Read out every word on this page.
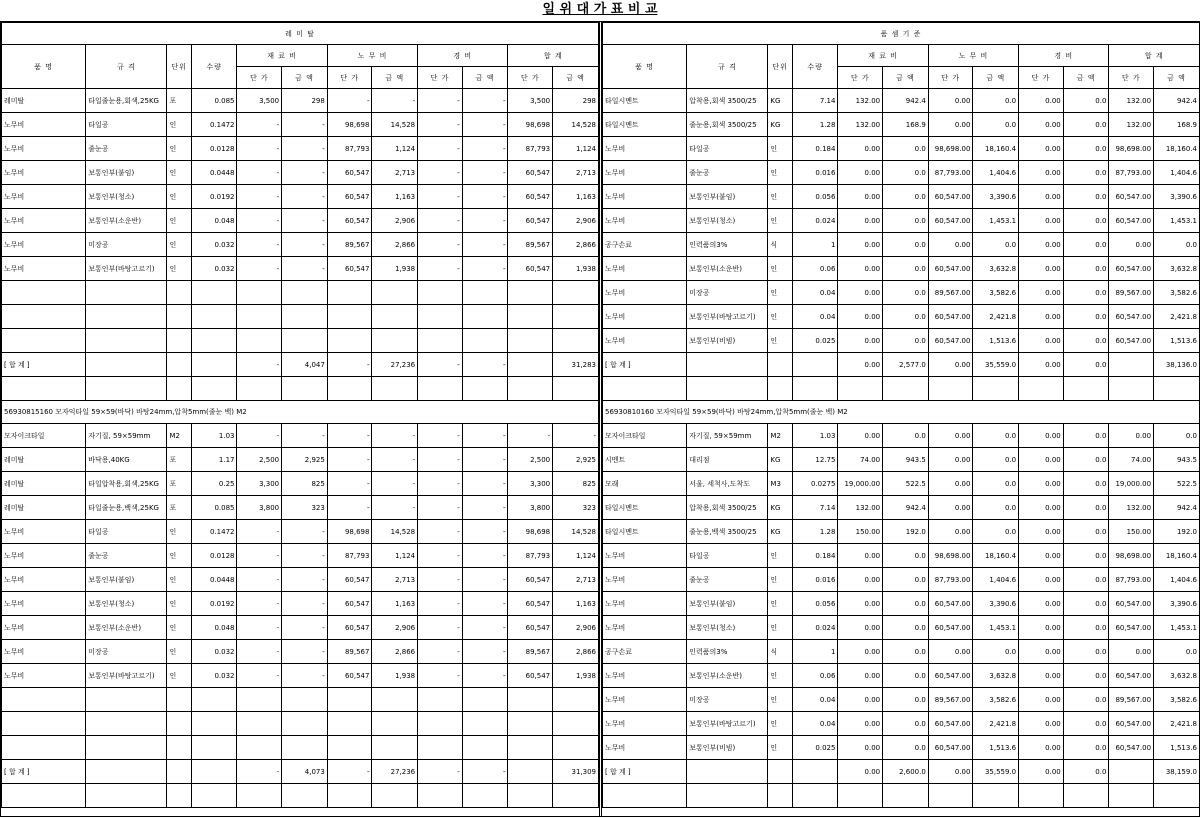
일 위 대 가 표 비 교
레 미 탈											
품 명	규 격	단위	수량	재 료 비		노 무 비		경 비		합 계	
				단 가	금 액	단 가	금 액	단 가	금 액	단 가	금 액
레미탈	타일줄눈용,회색,25KG	포	0.085	3,500	298	-	-	-	-	3,500	298
노무비	타일공	인	0.1472	-	-	98,698	14,528	-	-	98,698	14,528
노무비	줄눈공	인	0.0128	-	-	87,793	1,124	-	-	87,793	1,124
노무비	보통인부(붙임)	인	0.0448	-	-	60,547	2,713	-	-	60,547	2,713
노무비	보통인부(청소)	인	0.0192	-	-	60,547	1,163	-	-	60,547	1,163
노무비	보통인부(소운반)	인	0.048	-	-	60,547	2,906	-	-	60,547	2,906
노무비	미장공	인	0.032	-	-	89,567	2,866	-	-	89,567	2,866
노무비	보통인부(바탕고르기)	인	0.032	-	-	60,547	1,938	-	-	60,547	1,938

[ 합 계 ]				-	4,047	-	27,236	-	-		31,283

56930815160 모자익타일 59×59(바닥) 바탕24mm,압착5mm(줄눈 백) M2											
모자이크타일	자기질, 59×59mm	M2	1.03	-	-	-	-	-	-	-	-
레미탈	바닥용,40KG	포	1.17	2,500	2,925	-	-	-	-	2,500	2,925
레미탈	타일압착용,회색,25KG	포	0.25	3,300	825	-	-	-	-	3,300	825
레미탈	타일줄눈용,백색,25KG	포	0.085	3,800	323	-	-	-	-	3,800	323
노무비	타일공	인	0.1472	-	-	98,698	14,528	-	-	98,698	14,528
노무비	줄눈공	인	0.0128	-	-	87,793	1,124	-	-	87,793	1,124
노무비	보통인부(붙임)	인	0.0448	-	-	60,547	2,713	-	-	60,547	2,713
노무비	보통인부(청소)	인	0.0192	-	-	60,547	1,163	-	-	60,547	1,163
노무비	보통인부(소운반)	인	0.048	-	-	60,547	2,906	-	-	60,547	2,906
노무비	미장공	인	0.032	-	-	89,567	2,866	-	-	89,567	2,866
노무비	보통인부(바탕고르기)	인	0.032	-	-	60,547	1,938	-	-	60,547	1,938

[ 합 계 ]				-	4,073	-	27,236	-	-		31,309

품 셈 기 준											
품 명	규 격	단위	수량	재 료 비		노 무 비		경 비		합 계	
				단 가	금 액	단 가	금 액	단 가	금 액	단 가	금 액
타일시멘트	압착용,회색 3500/25	KG	7.14	132.00	942.4	0.00	0.0	0.00	0.0	132.00	942.4
타일시멘트	줄눈용,회색 3500/25	KG	1.28	132.00	168.9	0.00	0.0	0.00	0.0	132.00	168.9
노무비	타일공	인	0.184	0.00	0.0	98,698.00	18,160.4	0.00	0.0	98,698.00	18,160.4
노무비	줄눈공	인	0.016	0.00	0.0	87,793.00	1,404.6	0.00	0.0	87,793.00	1,404.6
노무비	보통인부(붙임)	인	0.056	0.00	0.0	60,547.00	3,390.6	0.00	0.0	60,547.00	3,390.6
노무비	보통인부(청소)	인	0.024	0.00	0.0	60,547.00	1,453.1	0.00	0.0	60,547.00	1,453.1
공구손료	인력품의3%	식	1	0.00	0.0	0.00	0.0	0.00	0.0	0.00	0.0
노무비	보통인부(소운반)	인	0.06	0.00	0.0	60,547.00	3,632.8	0.00	0.0	60,547.00	3,632.8
노무비	미장공	인	0.04	0.00	0.0	89,567.00	3,582.6	0.00	0.0	89,567.00	3,582.6
노무비	보통인부(바탕고르기)	인	0.04	0.00	0.0	60,547.00	2,421.8	0.00	0.0	60,547.00	2,421.8
노무비	보통인부(비빔)	인	0.025	0.00	0.0	60,547.00	1,513.6	0.00	0.0	60,547.00	1,513.6
[ 합 계 ]				0.00	2,577.0	0.00	35,559.0	0.00	0.0		38,136.0

56930810160 모자익타일 59×59(바닥) 바탕24mm,압착5mm(줄눈 백) M2											
모자이크타일	자기질, 59×59mm	M2	1.03	0.00	0.0	0.00	0.0	0.00	0.0	0.00	0.0
시멘트	대리점	KG	12.75	74.00	943.5	0.00	0.0	0.00	0.0	74.00	943.5
모래	서울, 세척사,도착도	M3	0.0275	19,000.00	522.5	0.00	0.0	0.00	0.0	19,000.00	522.5
타일시멘트	압착용,회색 3500/25	KG	7.14	132.00	942.4	0.00	0.0	0.00	0.0	132.00	942.4
타일시멘트	줄눈용,백색 3500/25	KG	1.28	150.00	192.0	0.00	0.0	0.00	0.0	150.00	192.0
노무비	타일공	인	0.184	0.00	0.0	98,698.00	18,160.4	0.00	0.0	98,698.00	18,160.4
노무비	줄눈공	인	0.016	0.00	0.0	87,793.00	1,404.6	0.00	0.0	87,793.00	1,404.6
노무비	보통인부(붙임)	인	0.056	0.00	0.0	60,547.00	3,390.6	0.00	0.0	60,547.00	3,390.6
노무비	보통인부(청소)	인	0.024	0.00	0.0	60,547.00	1,453.1	0.00	0.0	60,547.00	1,453.1
공구손료	인력품의3%	식	1	0.00	0.0	0.00	0.0	0.00	0.0	0.00	0.0
노무비	보통인부(소운반)	인	0.06	0.00	0.0	60,547.00	3,632.8	0.00	0.0	60,547.00	3,632.8
노무비	미장공	인	0.04	0.00	0.0	89,567.00	3,582.6	0.00	0.0	89,567.00	3,582.6
노무비	보통인부(바탕고르기)	인	0.04	0.00	0.0	60,547.00	2,421.8	0.00	0.0	60,547.00	2,421.8
노무비	보통인부(비빔)	인	0.025	0.00	0.0	60,547.00	1,513.6	0.00	0.0	60,547.00	1,513.6
[ 합 계 ]				0.00	2,600.0	0.00	35,559.0	0.00	0.0		38,159.0
